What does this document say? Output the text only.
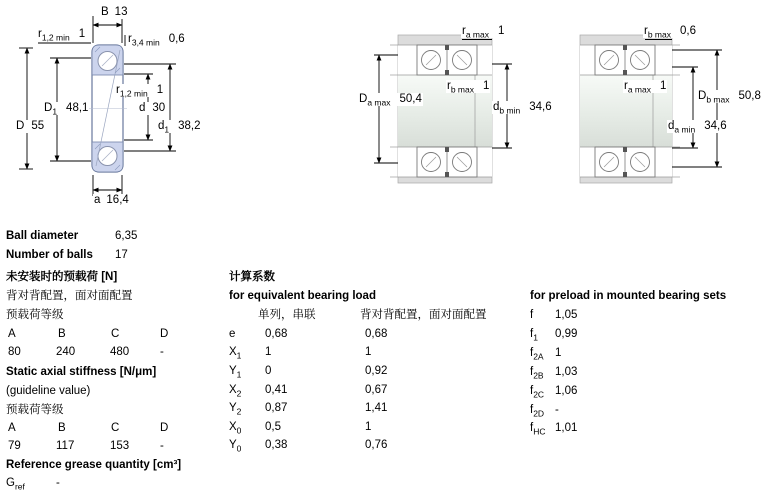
B 13
$r_{1,2 min}$ 1	$r_{3,4 min}$ 0,6
$r_{1,2 min}$ 1
$D_1$ 48,1
D 55
d 30
$d_1$ 38,2
a 16,4
$r_{a max}$ 1
$D_{a max}$ 50,4
$r_{b max}$ 1
$d_{b min}$ 34,6
$r_{b max}$ 0,6
$r_{a max}$ 1
$D_{b max}$ 50,8
$d_{a min}$ 34,6
Ball diameter	6,35
Number of balls 17
未安装时的预载荷 [N]
背对背配置，面对面配置
预载荷等级
A	B	C	D
80	240	480	-
Static axial stiffness [N/μm]
(guideline value)
预载荷等级
A	B	C	D
79	117	153	-
Reference grease quantity [cm³]
$G_{ref}$	-
计算系数
for equivalent bearing load
单列，串联	背对背配置，面对面配置
e	0,68	0,68
$X_1$ 1	1
$Y_1$ 0	0,92
$X_2$ 0,41	0,67
$Y_2$ 0,87	1,41
$X_0$ 0,5	1
$Y_0$ 0,38	0,76
for preload in mounted bearing sets
f 1,05
$f_1$ 0,99
$f_{2A}$ 1
$f_{2B}$ 1,03
$f_{2C}$ 1,06
$f_{2D}$ -
$f_{HC}$ 1,01
